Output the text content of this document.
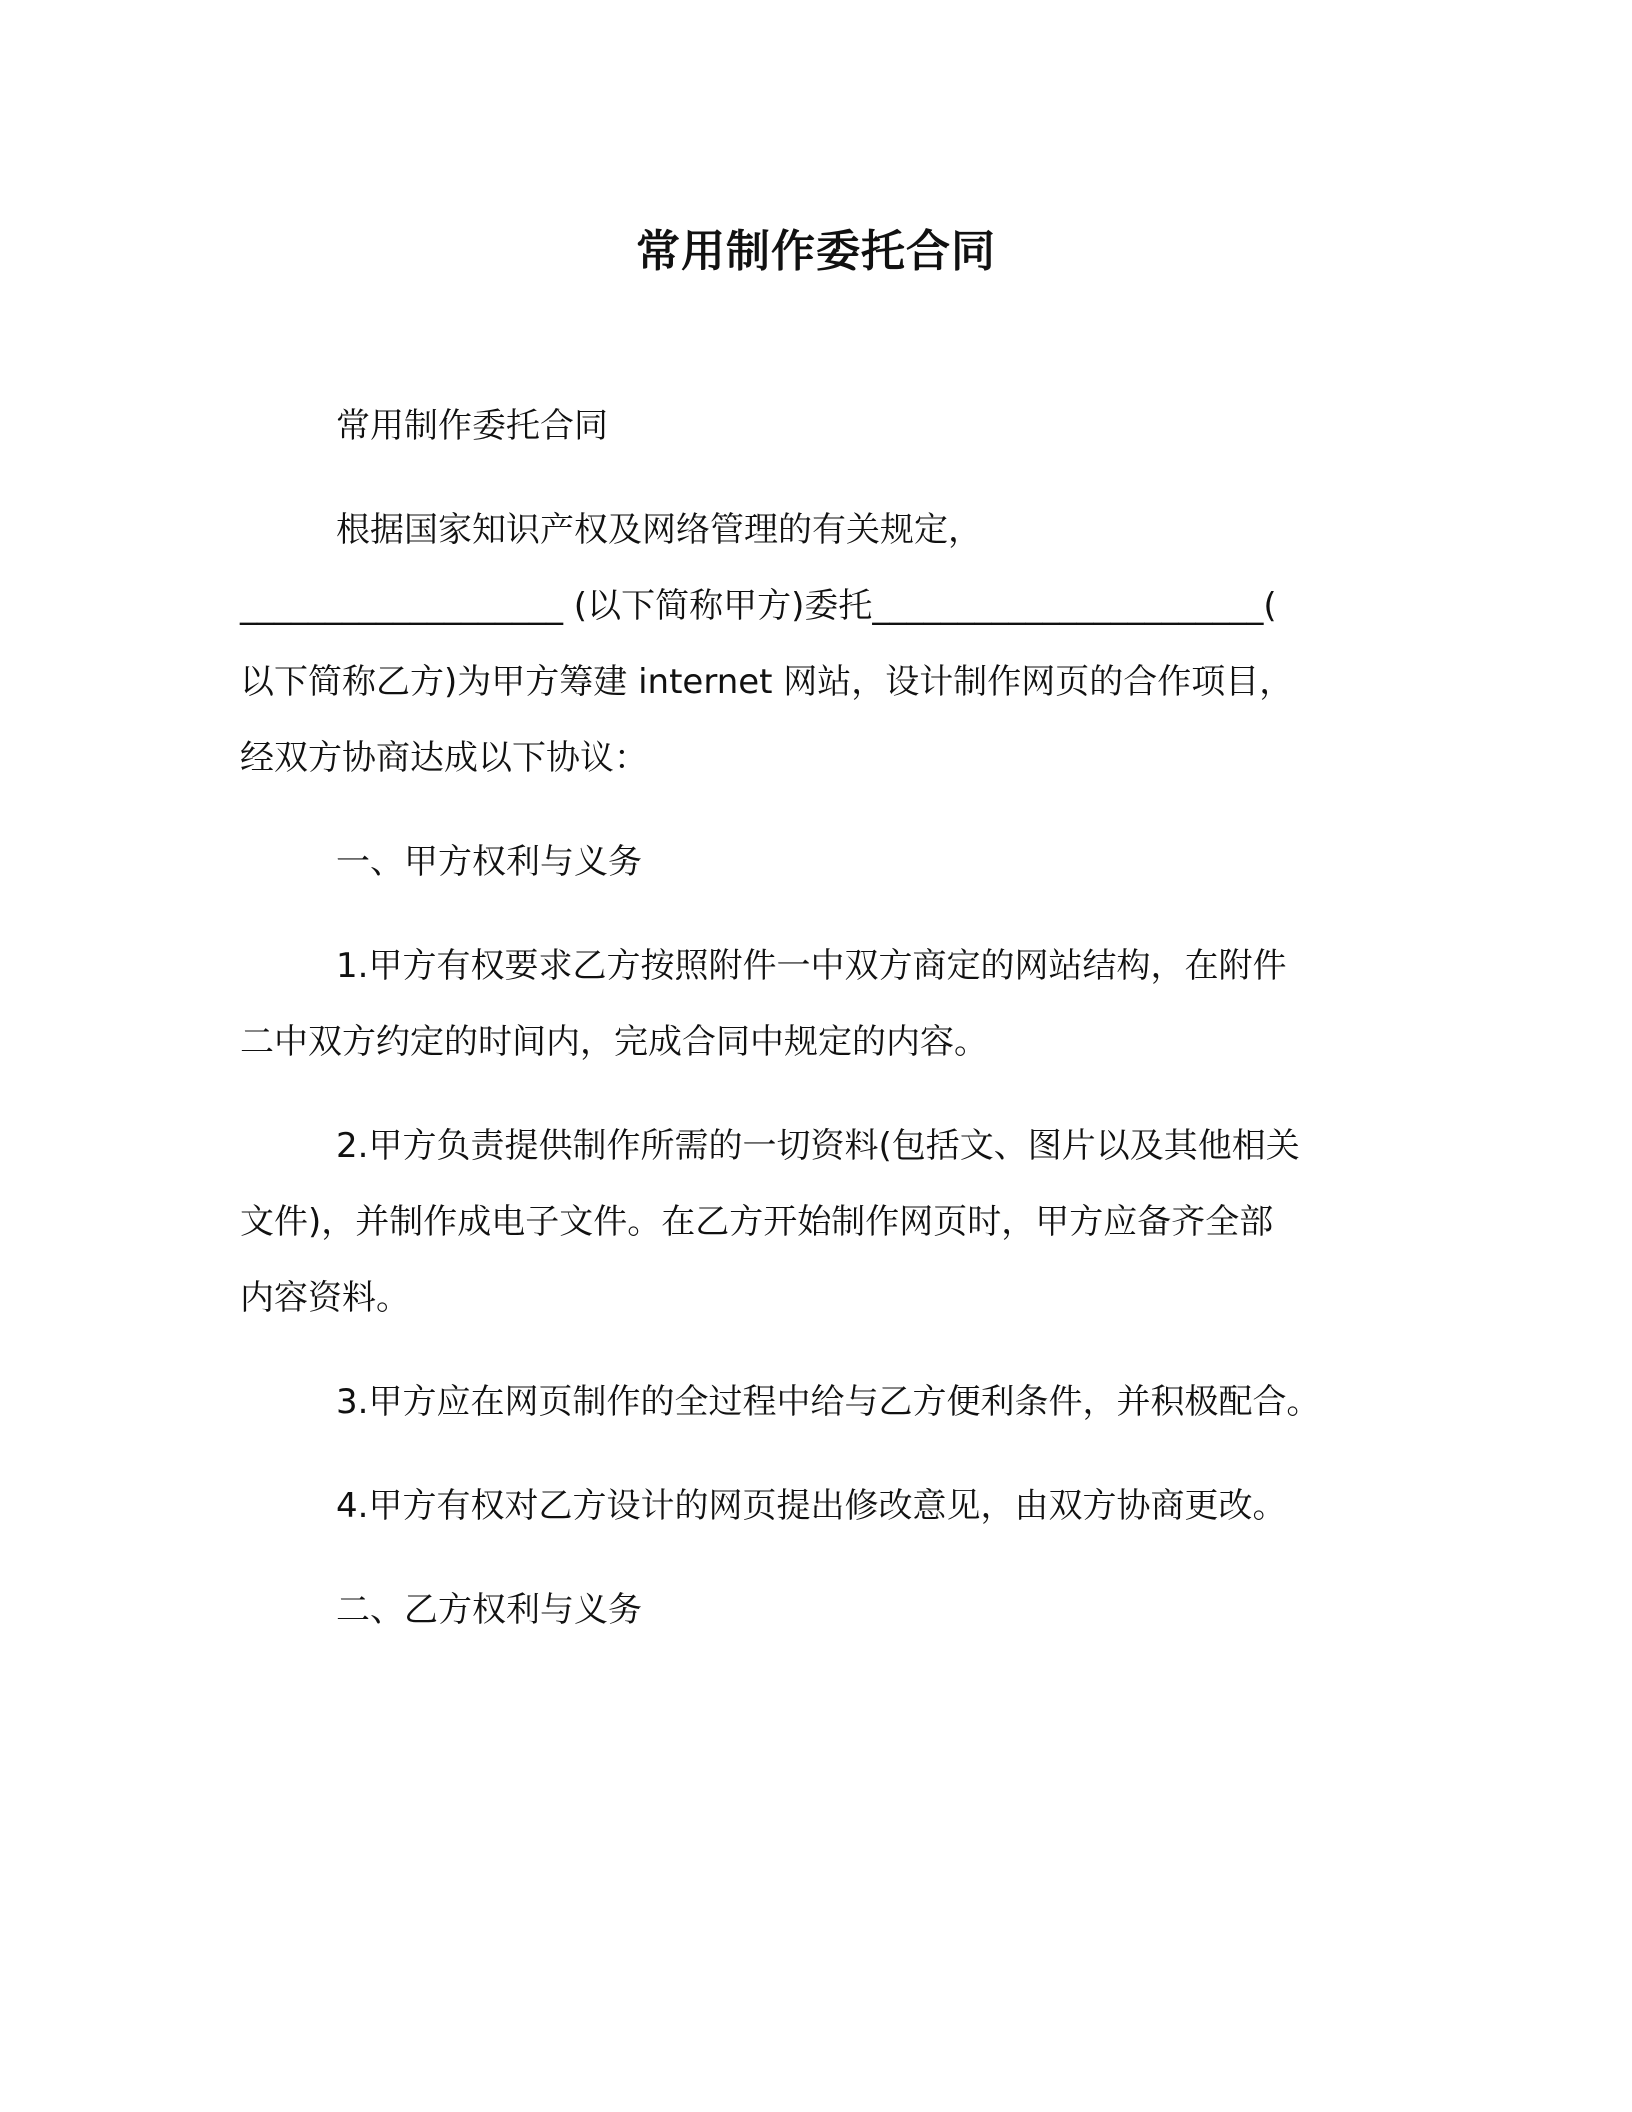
常用制作委托合同

常用制作委托合同

根据国家知识产权及网络管理的有关规定，
___________________ (以下简称甲方)委托_______________________(
以下简称乙方)为甲方筹建 internet 网站，设计制作网页的合作项目，
经双方协商达成以下协议：

一、甲方权利与义务

1.甲方有权要求乙方按照附件一中双方商定的网站结构，在附件
二中双方约定的时间内，完成合同中规定的内容。

2.甲方负责提供制作所需的一切资料(包括文、图片以及其他相关
文件)，并制作成电子文件。在乙方开始制作网页时，甲方应备齐全部
内容资料。

3.甲方应在网页制作的全过程中给与乙方便利条件，并积极配合。

4.甲方有权对乙方设计的网页提出修改意见，由双方协商更改。

二、乙方权利与义务
